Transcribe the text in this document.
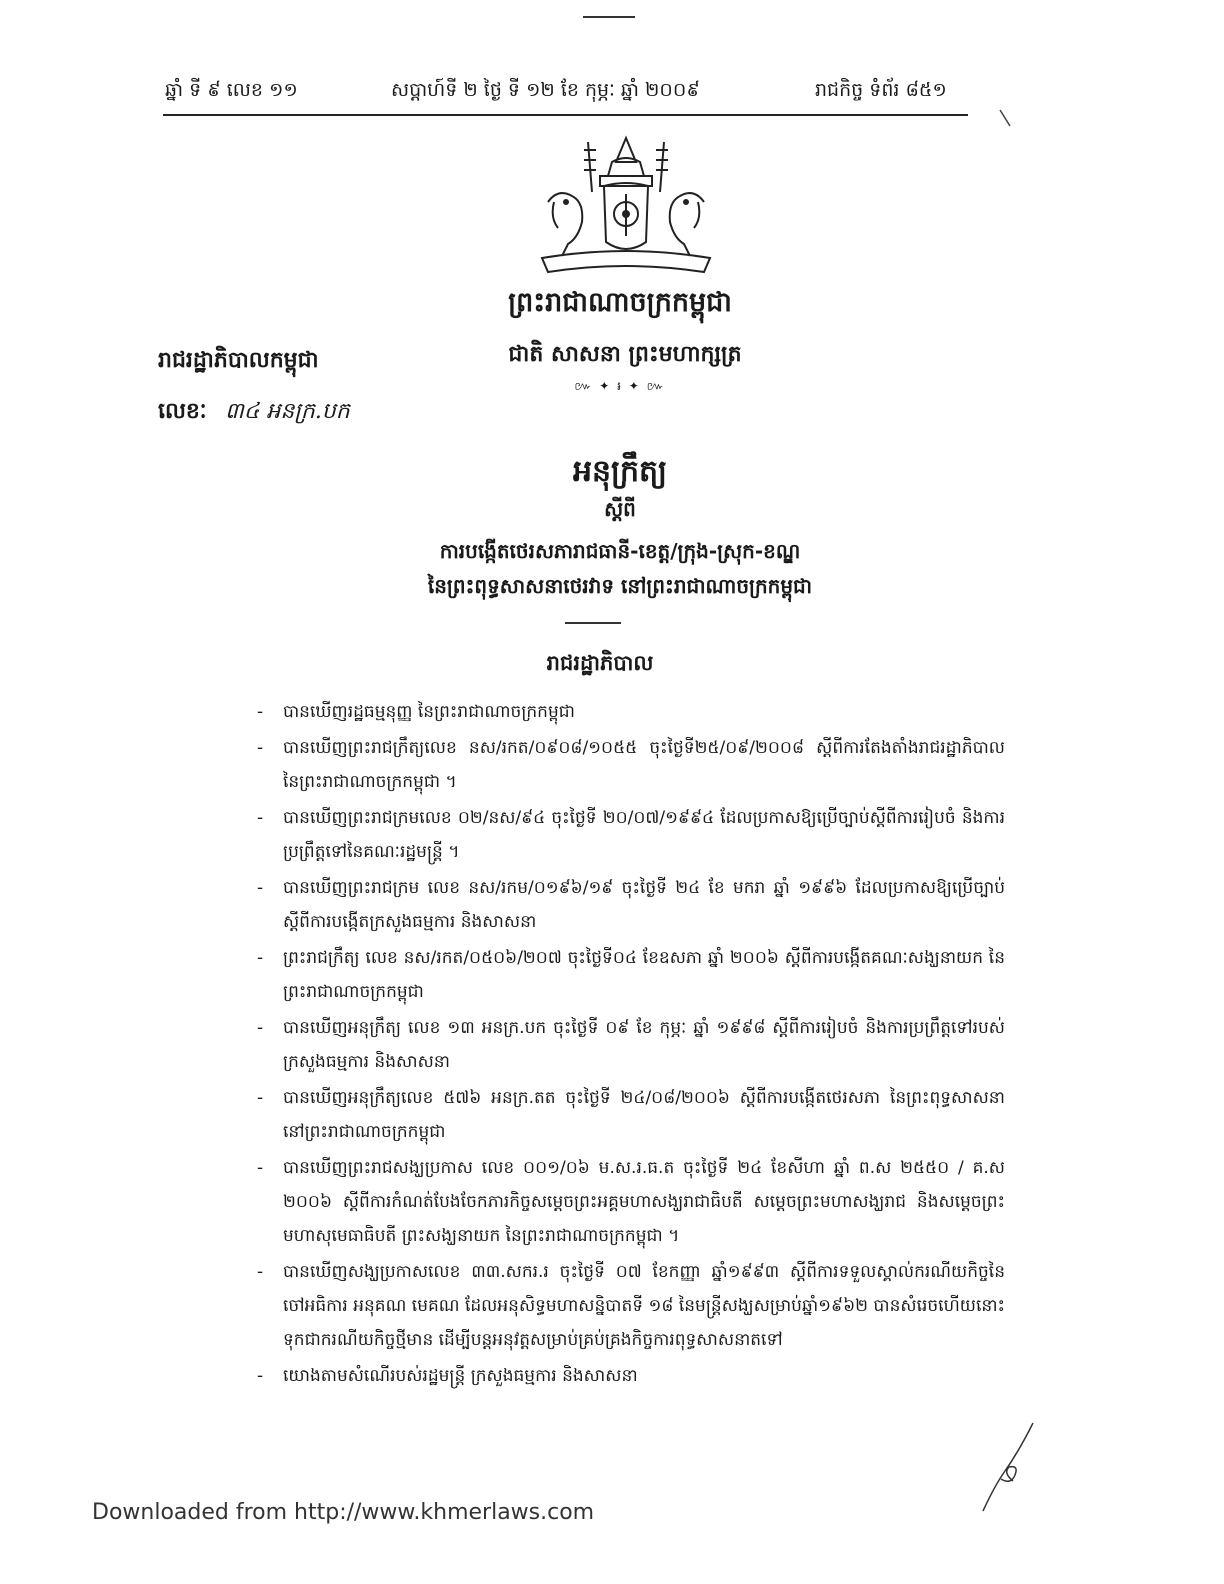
ឆ្នាំ ទី ៩ លេខ ១១	សប្តាហ៍ទី ២ ថ្ងៃ ទី ១២ ខែ កុម្ភៈ ឆ្នាំ ២០០៩	រាជកិច្ច ទំព័រ ៨៥១
ព្រះរាជាណាចក្រកម្ពុជា
ជាតិ សាសនា ព្រះមហាក្សត្រ
៚ ✦ ៛ ✦ ៚
រាជរដ្ឋាភិបាលកម្ពុជា
លេខៈ ៣៤ អនក្រ.បក
អនុក្រឹត្យ
ស្តីពី
ការបង្កើតថេរសភារាជធានី-ខេត្ត/ក្រុង-ស្រុក-ខណ្ឌ
នៃព្រះពុទ្ធសាសនាថេរវាទ នៅព្រះរាជាណាចក្រកម្ពុជា
រាជរដ្ឋាភិបាល
- បានឃើញរដ្ឋធម្មនុញ្ញ នៃព្រះរាជាណាចក្រកម្ពុជា
- បានឃើញព្រះរាជក្រឹត្យលេខ នស/រកត/០៩០៨/១០៥៥ ចុះថ្ងៃទី២៥/០៩/២០០៨ ស្តីពីការតែងតាំងរាជរដ្ឋាភិបាល នៃព្រះរាជាណាចក្រកម្ពុជា ។
- បានឃើញព្រះរាជក្រមលេខ ០២/នស/៩៤ ចុះថ្ងៃទី ២០/០៧/១៩៩៤ ដែលប្រកាសឱ្យប្រើច្បាប់ស្តីពីការរៀបចំ និងការប្រព្រឹត្តទៅនៃគណៈរដ្ឋមន្ត្រី ។
- បានឃើញព្រះរាជក្រម លេខ នស/រកម/០១៩៦/១៩ ចុះថ្ងៃទី ២៤ ខែ មករា ឆ្នាំ ១៩៩៦ ដែលប្រកាសឱ្យប្រើច្បាប់ ស្តីពីការបង្កើតក្រសួងធម្មការ និងសាសនា
- ព្រះរាជក្រឹត្យ លេខ នស/រកត/០៥០៦/២០៧ ចុះថ្ងៃទី០៤ ខែឧសភា ឆ្នាំ ២០០៦ ស្តីពីការបង្កើតគណៈសង្ឃនាយក នៃព្រះរាជាណាចក្រកម្ពុជា
- បានឃើញអនុក្រឹត្យ លេខ ១៣ អនក្រ.បក ចុះថ្ងៃទី ០៩ ខែ កុម្ភៈ ឆ្នាំ ១៩៩៨ ស្តីពីការរៀបចំ និងការប្រព្រឹត្តទៅរបស់ក្រសួងធម្មការ និងសាសនា
- បានឃើញអនុក្រឹត្យលេខ ៥៧៦ អនក្រ.តត ចុះថ្ងៃទី ២៤/០៨/២០០៦ ស្តីពីការបង្កើតថេរសភា នៃព្រះពុទ្ធសាសនា នៅព្រះរាជាណាចក្រកម្ពុជា
- បានឃើញព្រះរាជសង្ឃប្រកាស លេខ ០០១/០៦ ម.ស.រ.ធ.ត ចុះថ្ងៃទី ២៤ ខែសីហា ឆ្នាំ ព.ស ២៥៥០ / គ.ស ២០០៦ ស្តីពីការកំណត់បែងចែកភារកិច្ចសម្តេចព្រះអគ្គមហាសង្ឃរាជាធិបតី សម្តេចព្រះមហាសង្ឃរាជ និងសម្តេចព្រះមហាសុមេធាធិបតី ព្រះសង្ឃនាយក នៃព្រះរាជាណាចក្រកម្ពុជា ។
- បានឃើញសង្ឃប្រកាសលេខ ៣៣.សករ.រ ចុះថ្ងៃទី ០៧ ខែកញ្ញា ឆ្នាំ១៩៩៣ ស្តីពីការទទួលស្គាល់ករណីយកិច្ចនៃចៅអធិការ អនុគណ មេគណ ដែលអនុសិទ្ធមហាសន្និបាតទី ១៨ នៃមន្ត្រីសង្ឃសម្រាប់ឆ្នាំ១៩៦២ បានសំរេចហើយនោះទុកជាករណីយកិច្ចថ្មីមាន ដើម្បីបន្តអនុវត្តសម្រាប់គ្រប់គ្រងកិច្ចការពុទ្ធសាសនាតទៅ
- យោងតាមសំណើរបស់រដ្ឋមន្ត្រី ក្រសួងធម្មការ និងសាសនា
Downloaded from http://www.khmerlaws.com
